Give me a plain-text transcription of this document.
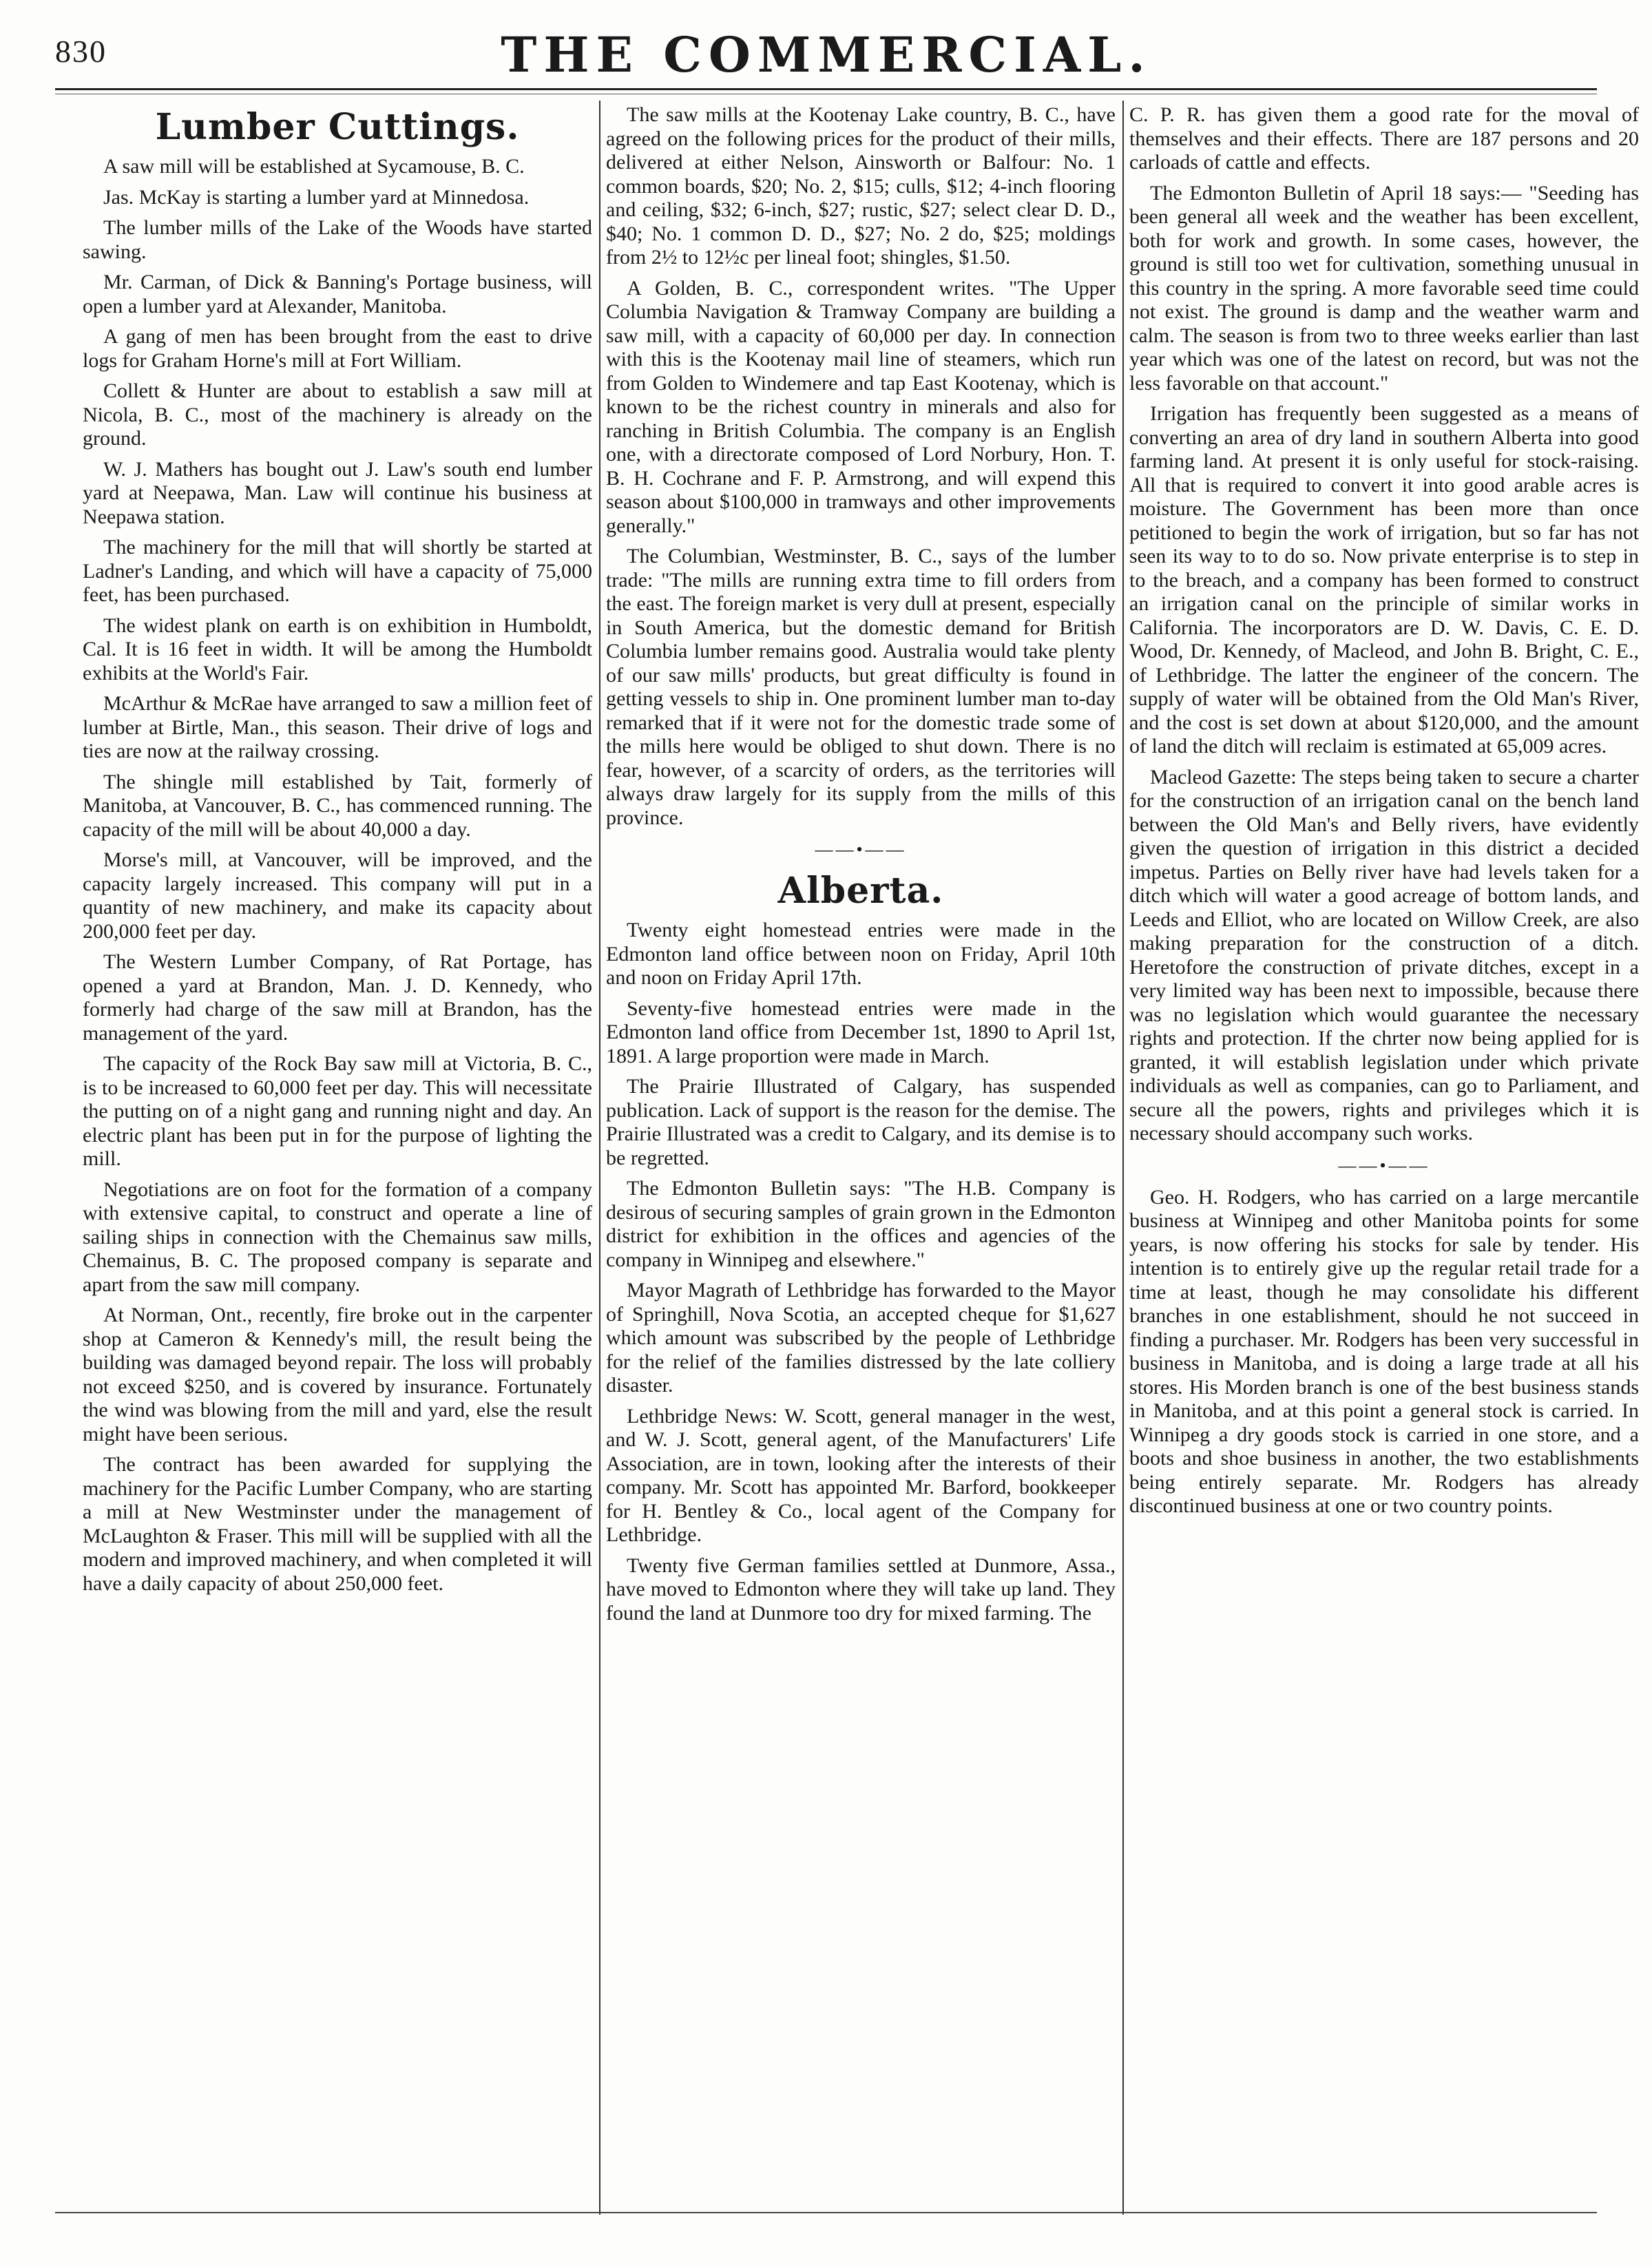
830	THE COMMERCIAL.
Lumber Cuttings.

A saw mill will be established at Sycamouse, B. C.

Jas. McKay is starting a lumber yard at Minnedosa.

The lumber mills of the Lake of the Woods have started sawing.

Mr. Carman, of Dick & Banning's Portage business, will open a lumber yard at Alexander, Manitoba.

A gang of men has been brought from the east to drive logs for Graham Horne's mill at Fort William.

Collett & Hunter are about to establish a saw mill at Nicola, B. C., most of the machinery is already on the ground.

W. J. Mathers has bought out J. Law's south end lumber yard at Neepawa, Man. Law will continue his business at Neepawa station.

The machinery for the mill that will shortly be started at Ladner's Landing, and which will have a capacity of 75,000 feet, has been purchased.

The widest plank on earth is on exhibition in Humboldt, Cal. It is 16 feet in width. It will be among the Humboldt exhibits at the World's Fair.

McArthur & McRae have arranged to saw a million feet of lumber at Birtle, Man., this season. Their drive of logs and ties are now at the railway crossing.

The shingle mill established by Tait, formerly of Manitoba, at Vancouver, B. C., has commenced running. The capacity of the mill will be about 40,000 a day.

Morse's mill, at Vancouver, will be improved, and the capacity largely increased. This company will put in a quantity of new machinery, and make its capacity about 200,000 feet per day.

The Western Lumber Company, of Rat Portage, has opened a yard at Brandon, Man. J. D. Kennedy, who formerly had charge of the saw mill at Brandon, has the management of the yard.

The capacity of the Rock Bay saw mill at Victoria, B. C., is to be increased to 60,000 feet per day. This will necessitate the putting on of a night gang and running night and day. An electric plant has been put in for the purpose of lighting the mill.

Negotiations are on foot for the formation of a company with extensive capital, to construct and operate a line of sailing ships in connection with the Chemainus saw mills, Chemainus, B. C. The proposed company is separate and apart from the saw mill company.

At Norman, Ont., recently, fire broke out in the carpenter shop at Cameron & Kennedy's mill, the result being the building was damaged beyond repair. The loss will probably not exceed $250, and is covered by insurance. Fortunately the wind was blowing from the mill and yard, else the result might have been serious.

The contract has been awarded for supplying the machinery for the Pacific Lumber Company, who are starting a mill at New Westminster under the management of McLaughton & Fraser. This mill will be supplied with all the modern and improved machinery, and when completed it will have a daily capacity of about 250,000 feet.

The saw mills at the Kootenay Lake country, B. C., have agreed on the following prices for the product of their mills, delivered at either Nelson, Ainsworth or Balfour: No. 1 common boards, $20; No. 2, $15; culls, $12; 4-inch flooring and ceiling, $32; 6-inch, $27; rustic, $27; select clear D. D., $40; No. 1 common D. D., $27; No. 2 do, $25; moldings from 2½ to 12½c per lineal foot; shingles, $1.50.

A Golden, B. C., correspondent writes. "The Upper Columbia Navigation & Tramway Company are building a saw mill, with a capacity of 60,000 per day. In connection with this is the Kootenay mail line of steamers, which run from Golden to Windemere and tap East Kootenay, which is known to be the richest country in minerals and also for ranching in British Columbia. The company is an English one, with a directorate composed of Lord Norbury, Hon. T. B. H. Cochrane and F. P. Armstrong, and will expend this season about $100,000 in tramways and other improvements generally."

The Columbian, Westminster, B. C., says of the lumber trade: "The mills are running extra time to fill orders from the east. The foreign market is very dull at present, especially in South America, but the domestic demand for British Columbia lumber remains good. Australia would take plenty of our saw mills' products, but great difficulty is found in getting vessels to ship in. One prominent lumber man to-day remarked that if it were not for the domestic trade some of the mills here would be obliged to shut down. There is no fear, however, of a scarcity of orders, as the territories will always draw largely for its supply from the mills of this province.

——•——
Alberta.

Twenty eight homestead entries were made in the Edmonton land office between noon on Friday, April 10th and noon on Friday April 17th.

Seventy-five homestead entries were made in the Edmonton land office from December 1st, 1890 to April 1st, 1891. A large proportion were made in March.

The Prairie Illustrated of Calgary, has suspended publication. Lack of support is the reason for the demise. The Prairie Illustrated was a credit to Calgary, and its demise is to be regretted.

The Edmonton Bulletin says: "The H.B. Company is desirous of securing samples of grain grown in the Edmonton district for exhibition in the offices and agencies of the company in Winnipeg and elsewhere."

Mayor Magrath of Lethbridge has forwarded to the Mayor of Springhill, Nova Scotia, an accepted cheque for $1,627 which amount was subscribed by the people of Lethbridge for the relief of the families distressed by the late colliery disaster.

Lethbridge News: W. Scott, general manager in the west, and W. J. Scott, general agent, of the Manufacturers' Life Association, are in town, looking after the interests of their company. Mr. Scott has appointed Mr. Barford, bookkeeper for H. Bentley & Co., local agent of the Company for Lethbridge.

Twenty five German families settled at Dunmore, Assa., have moved to Edmonton where they will take up land. They found the land at Dunmore too dry for mixed farming. The

C. P. R. has given them a good rate for the moval of themselves and their effects. There are 187 persons and 20 carloads of cattle and effects.

The Edmonton Bulletin of April 18 says:— "Seeding has been general all week and the weather has been excellent, both for work and growth. In some cases, however, the ground is still too wet for cultivation, something unusual in this country in the spring. A more favorable seed time could not exist. The ground is damp and the weather warm and calm. The season is from two to three weeks earlier than last year which was one of the latest on record, but was not the less favorable on that account."

Irrigation has frequently been suggested as a means of converting an area of dry land in southern Alberta into good farming land. At present it is only useful for stock-raising. All that is required to convert it into good arable acres is moisture. The Government has been more than once petitioned to begin the work of irrigation, but so far has not seen its way to to do so. Now private enterprise is to step in to the breach, and a company has been formed to construct an irrigation canal on the principle of similar works in California. The incorporators are D. W. Davis, C. E. D. Wood, Dr. Kennedy, of Macleod, and John B. Bright, C. E., of Lethbridge. The latter the engineer of the concern. The supply of water will be obtained from the Old Man's River, and the cost is set down at about $120,000, and the amount of land the ditch will reclaim is estimated at 65,009 acres.

Macleod Gazette: The steps being taken to secure a charter for the construction of an irrigation canal on the bench land between the Old Man's and Belly rivers, have evidently given the question of irrigation in this district a decided impetus. Parties on Belly river have had levels taken for a ditch which will water a good acreage of bottom lands, and Leeds and Elliot, who are located on Willow Creek, are also making preparation for the construction of a ditch. Heretofore the construction of private ditches, except in a very limited way has been next to impossible, because there was no legislation which would guarantee the necessary rights and protection. If the chrter now being applied for is granted, it will establish legislation under which private individuals as well as companies, can go to Parliament, and secure all the powers, rights and privileges which it is necessary should accompany such works.

——•——

Geo. H. Rodgers, who has carried on a large mercantile business at Winnipeg and other Manitoba points for some years, is now offering his stocks for sale by tender. His intention is to entirely give up the regular retail trade for a time at least, though he may consolidate his different branches in one establishment, should he not succeed in finding a purchaser. Mr. Rodgers has been very successful in business in Manitoba, and is doing a large trade at all his stores. His Morden branch is one of the best business stands in Manitoba, and at this point a general stock is carried. In Winnipeg a dry goods stock is carried in one store, and a boots and shoe business in another, the two establishments being entirely separate. Mr. Rodgers has already discontinued business at one or two country points.
